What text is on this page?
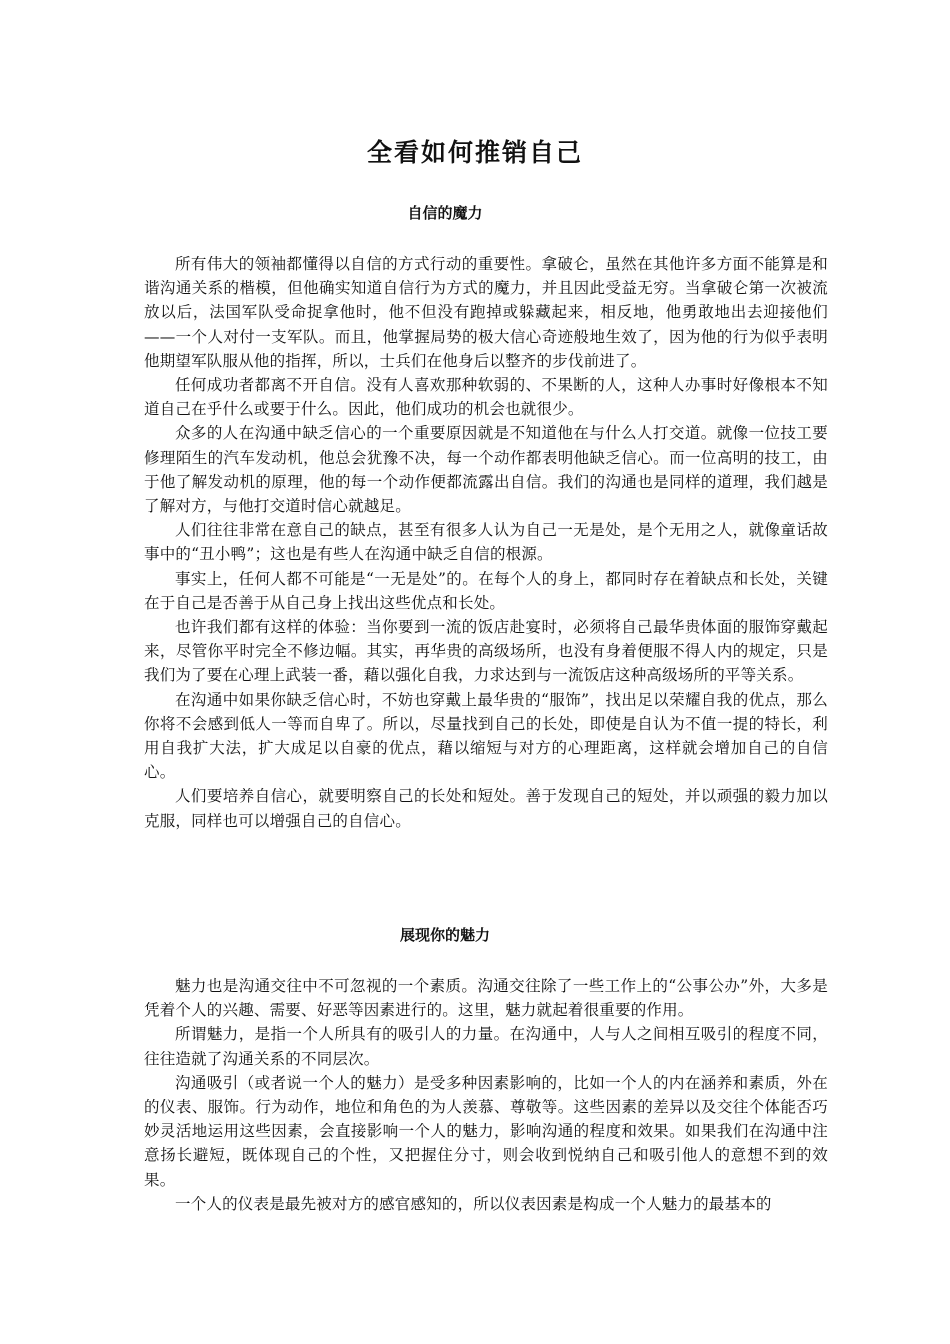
全看如何推销自己
自信的魔力

所有伟大的领袖都懂得以自信的方式行动的重要性。拿破仑，虽然在其他许多方面不能算是和谐沟通关系的楷模，但他确实知道自信行为方式的魔力，并且因此受益无穷。当拿破仑第一次被流放以后，法国军队受命捉拿他时，他不但没有跑掉或躲藏起来，相反地，他勇敢地出去迎接他们——一个人对付一支军队。而且，他掌握局势的极大信心奇迹般地生效了，因为他的行为似乎表明他期望军队服从他的指挥，所以，士兵们在他身后以整齐的步伐前进了。

任何成功者都离不开自信。没有人喜欢那种软弱的、不果断的人，这种人办事时好像根本不知道自己在乎什么或要于什么。因此，他们成功的机会也就很少。

众多的人在沟通中缺乏信心的一个重要原因就是不知道他在与什么人打交道。就像一位技工要修理陌生的汽车发动机，他总会犹豫不决，每一个动作都表明他缺乏信心。而一位高明的技工，由于他了解发动机的原理，他的每一个动作便都流露出自信。我们的沟通也是同样的道理，我们越是了解对方，与他打交道时信心就越足。

人们往往非常在意自己的缺点，甚至有很多人认为自己一无是处，是个无用之人，就像童话故事中的“丑小鸭”；这也是有些人在沟通中缺乏自信的根源。

事实上，任何人都不可能是“一无是处”的。在每个人的身上，都同时存在着缺点和长处，关键在于自己是否善于从自己身上找出这些优点和长处。

也许我们都有这样的体验：当你要到一流的饭店赴宴时，必须将自己最华贵体面的服饰穿戴起来，尽管你平时完全不修边幅。其实，再华贵的高级场所，也没有身着便服不得人内的规定，只是我们为了要在心理上武装一番，藉以强化自我，力求达到与一流饭店这种高级场所的平等关系。

在沟通中如果你缺乏信心时，不妨也穿戴上最华贵的“服饰”，找出足以荣耀自我的优点，那么你将不会感到低人一等而自卑了。所以，尽量找到自己的长处，即使是自认为不值一提的特长，利用自我扩大法，扩大成足以自豪的优点，藉以缩短与对方的心理距离，这样就会增加自己的自信心。

人们要培养自信心，就要明察自己的长处和短处。善于发现自己的短处，并以顽强的毅力加以克服，同样也可以增强自己的自信心。

展现你的魅力

魅力也是沟通交往中不可忽视的一个素质。沟通交往除了一些工作上的“公事公办”外，大多是凭着个人的兴趣、需要、好恶等因素进行的。这里，魅力就起着很重要的作用。

所谓魅力，是指一个人所具有的吸引人的力量。在沟通中，人与人之间相互吸引的程度不同，往往造就了沟通关系的不同层次。

沟通吸引（或者说一个人的魅力）是受多种因素影响的，比如一个人的内在涵养和素质，外在的仪表、服饰。行为动作，地位和角色的为人羡慕、尊敬等。这些因素的差异以及交往个体能否巧妙灵活地运用这些因素，会直接影响一个人的魅力，影响沟通的程度和效果。如果我们在沟通中注意扬长避短，既体现自己的个性，又把握住分寸，则会收到悦纳自己和吸引他人的意想不到的效果。

一个人的仪表是最先被对方的感官感知的，所以仪表因素是构成一个人魅力的最基本的
